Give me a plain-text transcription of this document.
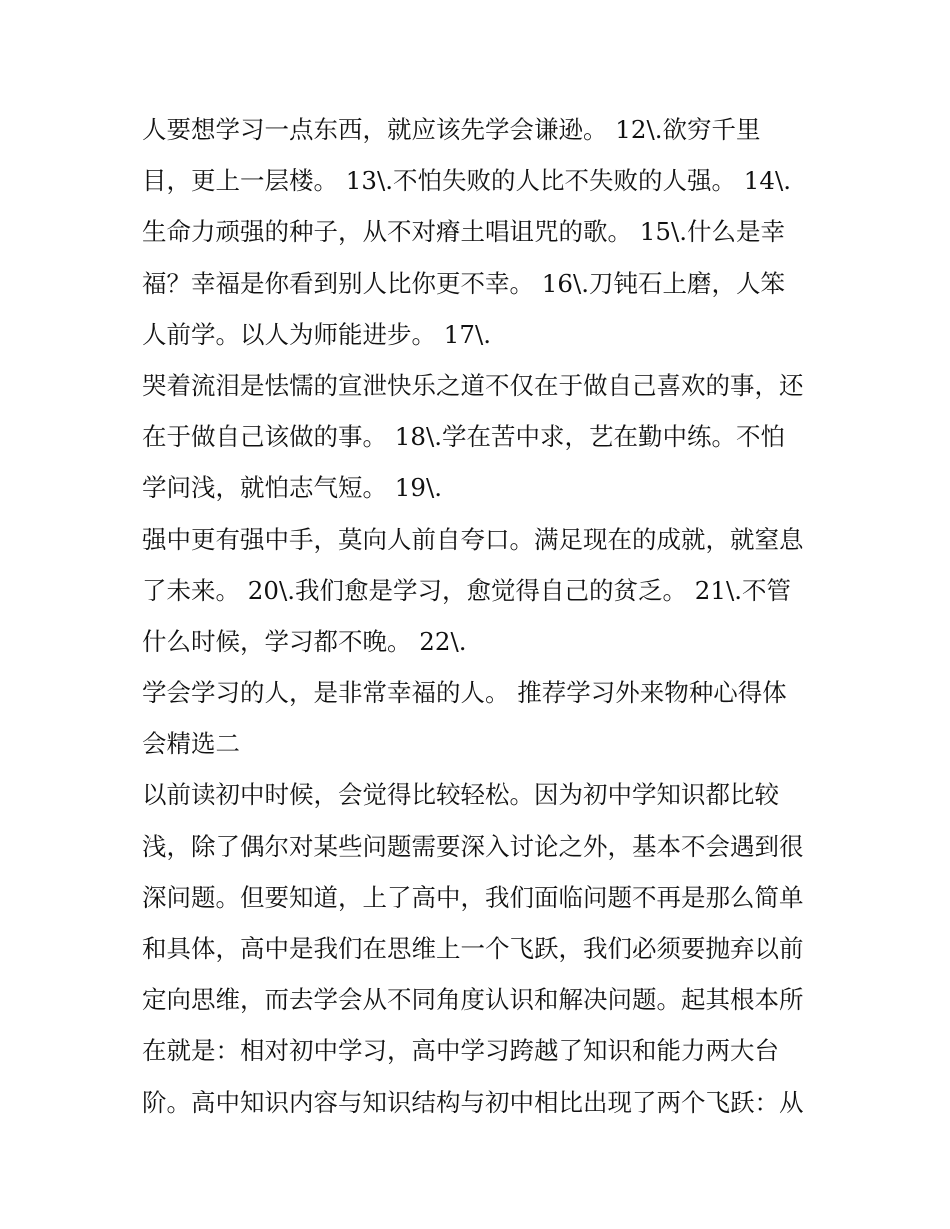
人要想学习一点东西，就应该先学会谦逊。 12\.欲穷千里
目，更上一层楼。 13\.不怕失败的人比不失败的人强。 14\.
生命力顽强的种子，从不对瘠土唱诅咒的歌。 15\.什么是幸
福？幸福是你看到别人比你更不幸。 16\.刀钝石上磨，人笨
人前学。以人为师能进步。 17\.
哭着流泪是怯懦的宣泄快乐之道不仅在于做自己喜欢的事，还
在于做自己该做的事。 18\.学在苦中求，艺在勤中练。不怕
学问浅，就怕志气短。 19\.
强中更有强中手，莫向人前自夸口。满足现在的成就，就窒息
了未来。 20\.我们愈是学习，愈觉得自己的贫乏。 21\.不管
什么时候，学习都不晚。 22\.
学会学习的人，是非常幸福的人。 推荐学习外来物种心得体
会精选二
以前读初中时候，会觉得比较轻松。因为初中学知识都比较
浅，除了偶尔对某些问题需要深入讨论之外，基本不会遇到很
深问题。但要知道，上了高中，我们面临问题不再是那么简单
和具体，高中是我们在思维上一个飞跃，我们必须要抛弃以前
定向思维，而去学会从不同角度认识和解决问题。起其根本所
在就是：相对初中学习，高中学习跨越了知识和能力两大台
阶。高中知识内容与知识结构与初中相比出现了两个飞跃：从
